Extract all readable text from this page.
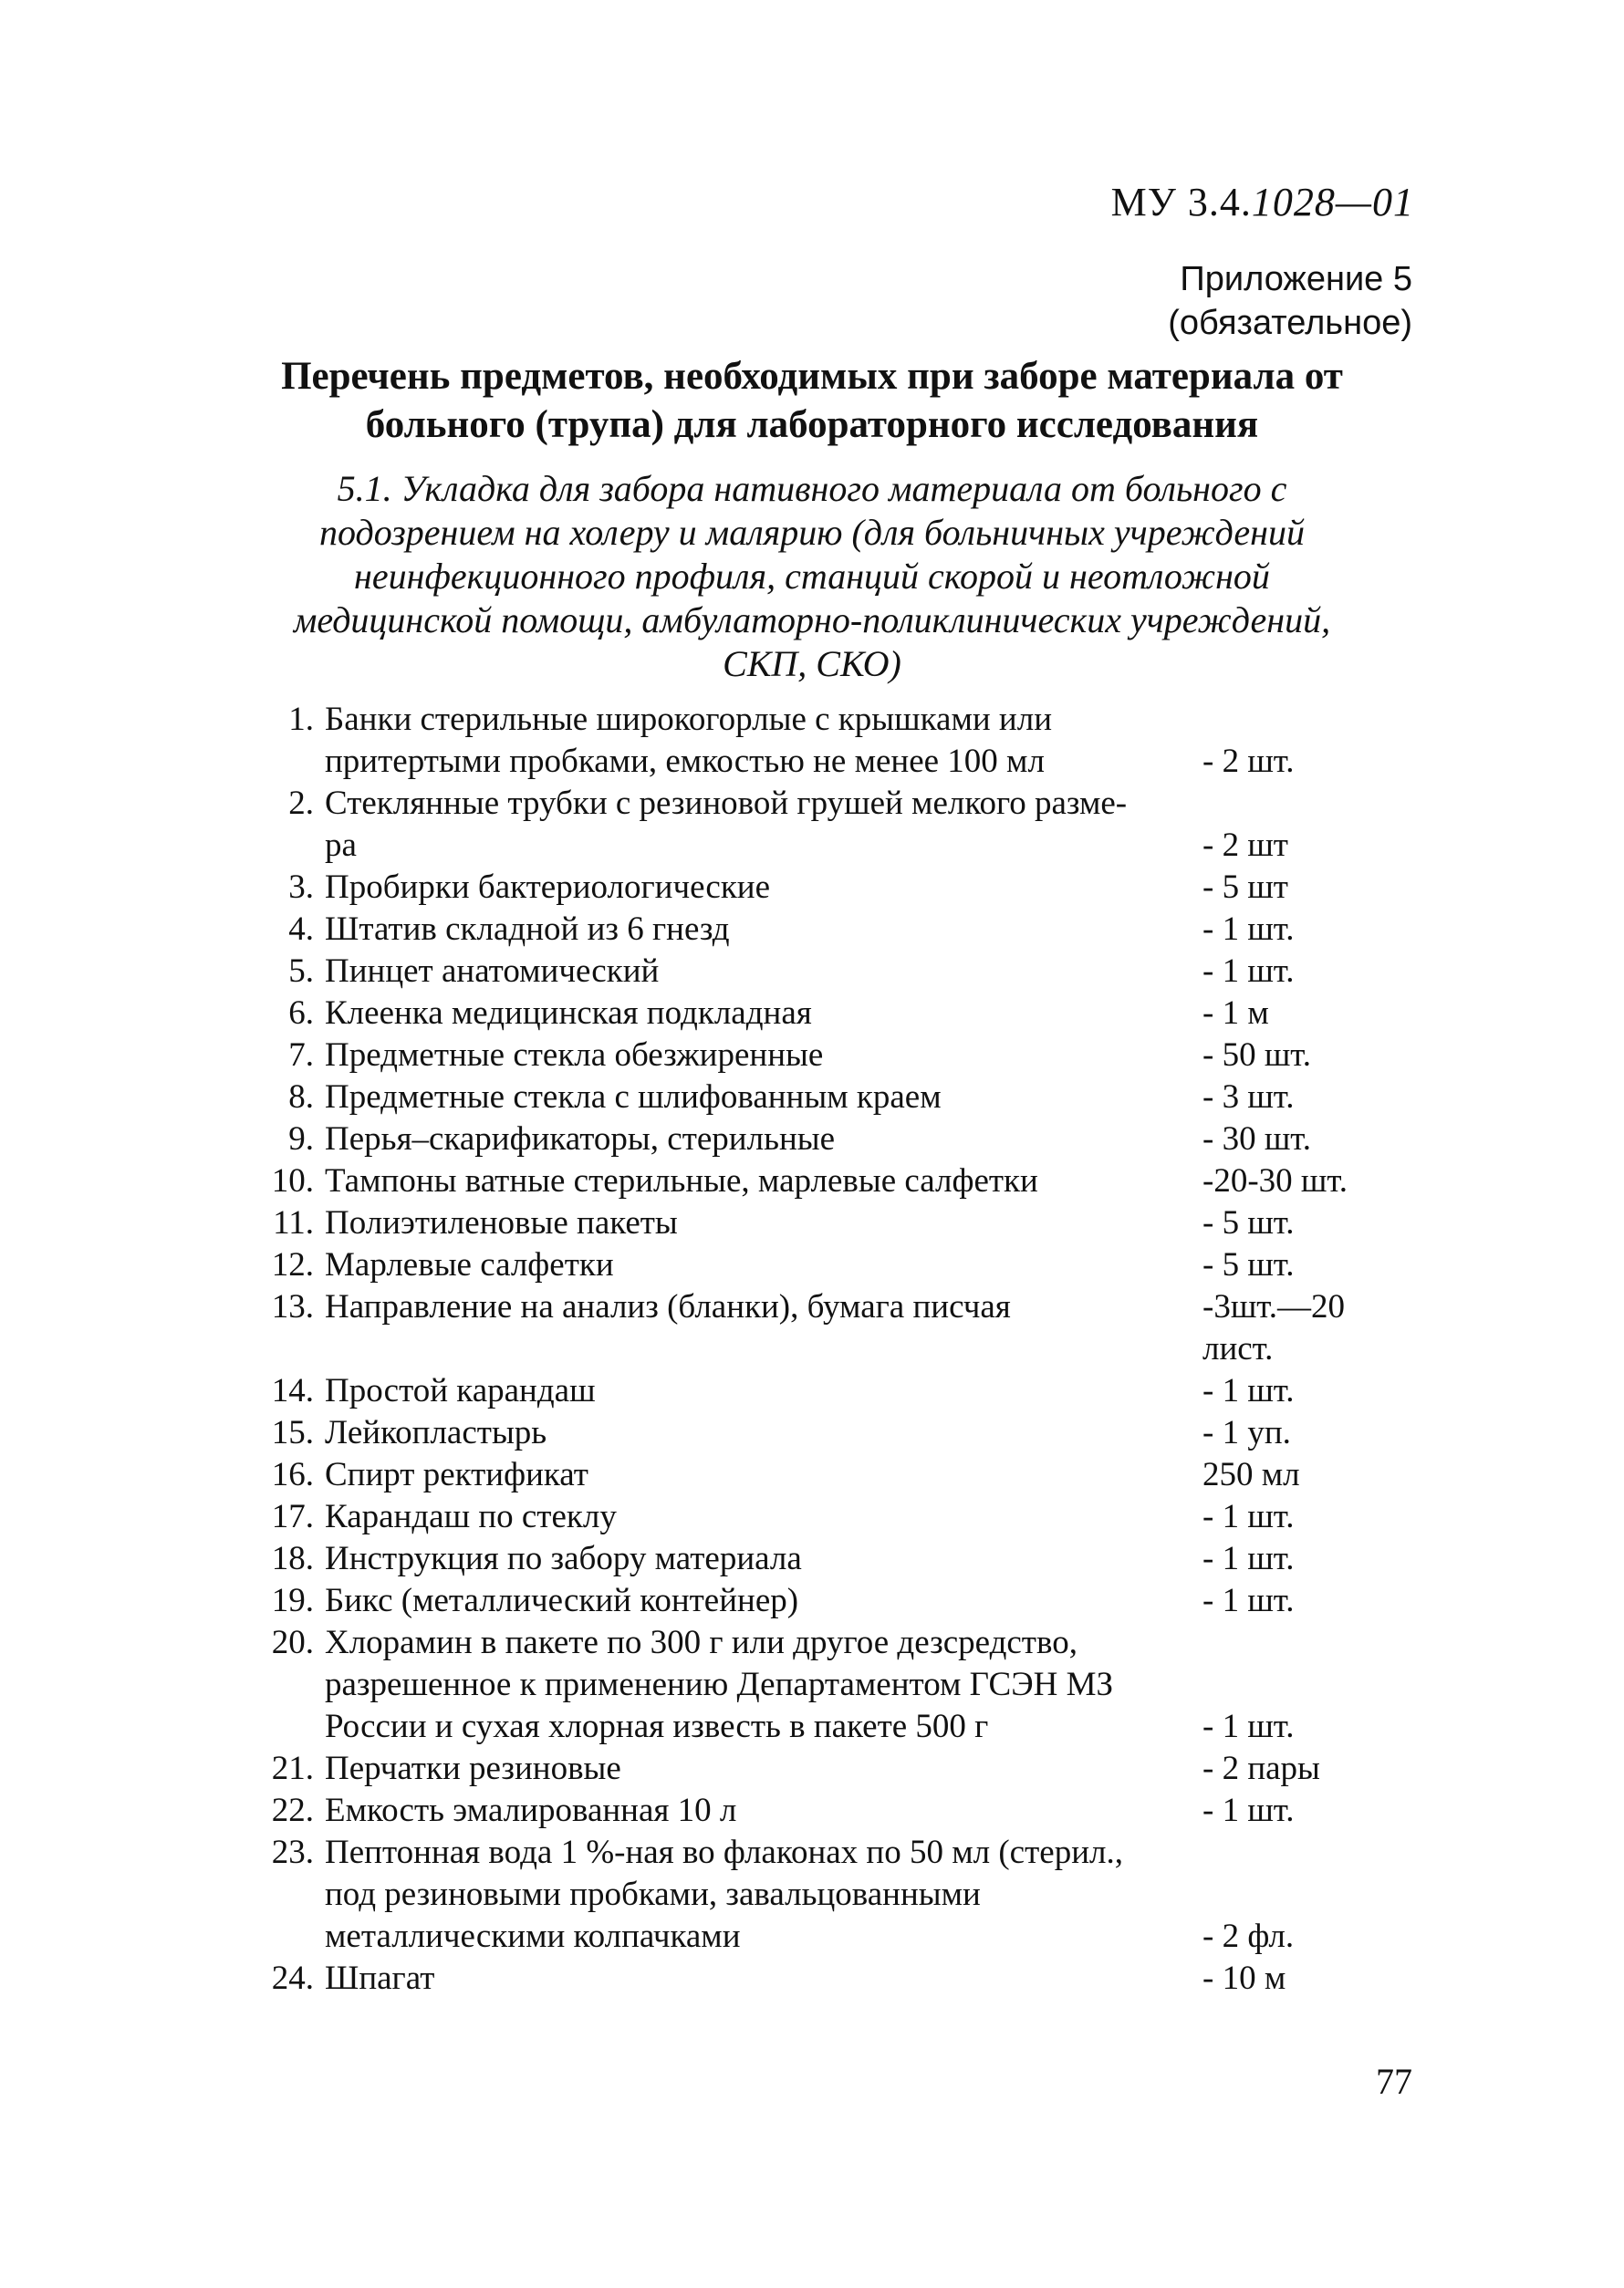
МУ 3.4.1028—01
Приложение 5
(обязательное)
Перечень предметов, необходимых при заборе материала от
больного (трупа) для лабораторного исследования
5.1. Укладка для забора нативного материала от больного с
подозрением на холеру и малярию (для больничных учреждений
неинфекционного профиля, станций скорой и неотложной
медицинской помощи, амбулаторно-поликлинических учреждений,
СКП, СКО)
1. Банки стерильные широкогорлые с крышками или
притертыми пробками, емкостью не менее 100 мл	- 2 шт.
2. Стеклянные трубки с резиновой грушей мелкого разме-
ра	- 2 шт
3. Пробирки бактериологические	- 5 шт
4. Штатив складной из 6 гнезд	- 1 шт.
5. Пинцет анатомический	- 1 шт.
6. Клеенка медицинская подкладная	- 1 м
7. Предметные стекла обезжиренные	- 50 шт.
8. Предметные стекла с шлифованным краем	- 3 шт.
9. Перья–скарификаторы, стерильные	- 30 шт.
10. Тампоны ватные стерильные, марлевые салфетки	-20-30 шт.
11. Полиэтиленовые пакеты	- 5 шт.
12. Марлевые салфетки	- 5 шт.
13. Направление на анализ (бланки), бумага писчая	-3шт.—20
лист.
14. Простой карандаш	- 1 шт.
15. Лейкопластырь	- 1 уп.
16. Спирт ректификат	250 мл
17. Карандаш по стеклу	- 1 шт.
18. Инструкция по забору материала	- 1 шт.
19. Бикс (металлический контейнер)	- 1 шт.
20. Хлорамин в пакете по 300 г или другое дезсредство,
разрешенное к применению Департаментом ГСЭН МЗ
России и сухая хлорная известь в пакете 500 г	- 1 шт.
21. Перчатки резиновые	- 2 пары
22. Емкость эмалированная 10 л	- 1 шт.
23. Пептонная вода 1 %-ная во флаконах по 50 мл (стерил.,
под резиновыми пробками, завальцованными
металлическими колпачками	- 2 фл.
24. Шпагат	- 10 м
77
